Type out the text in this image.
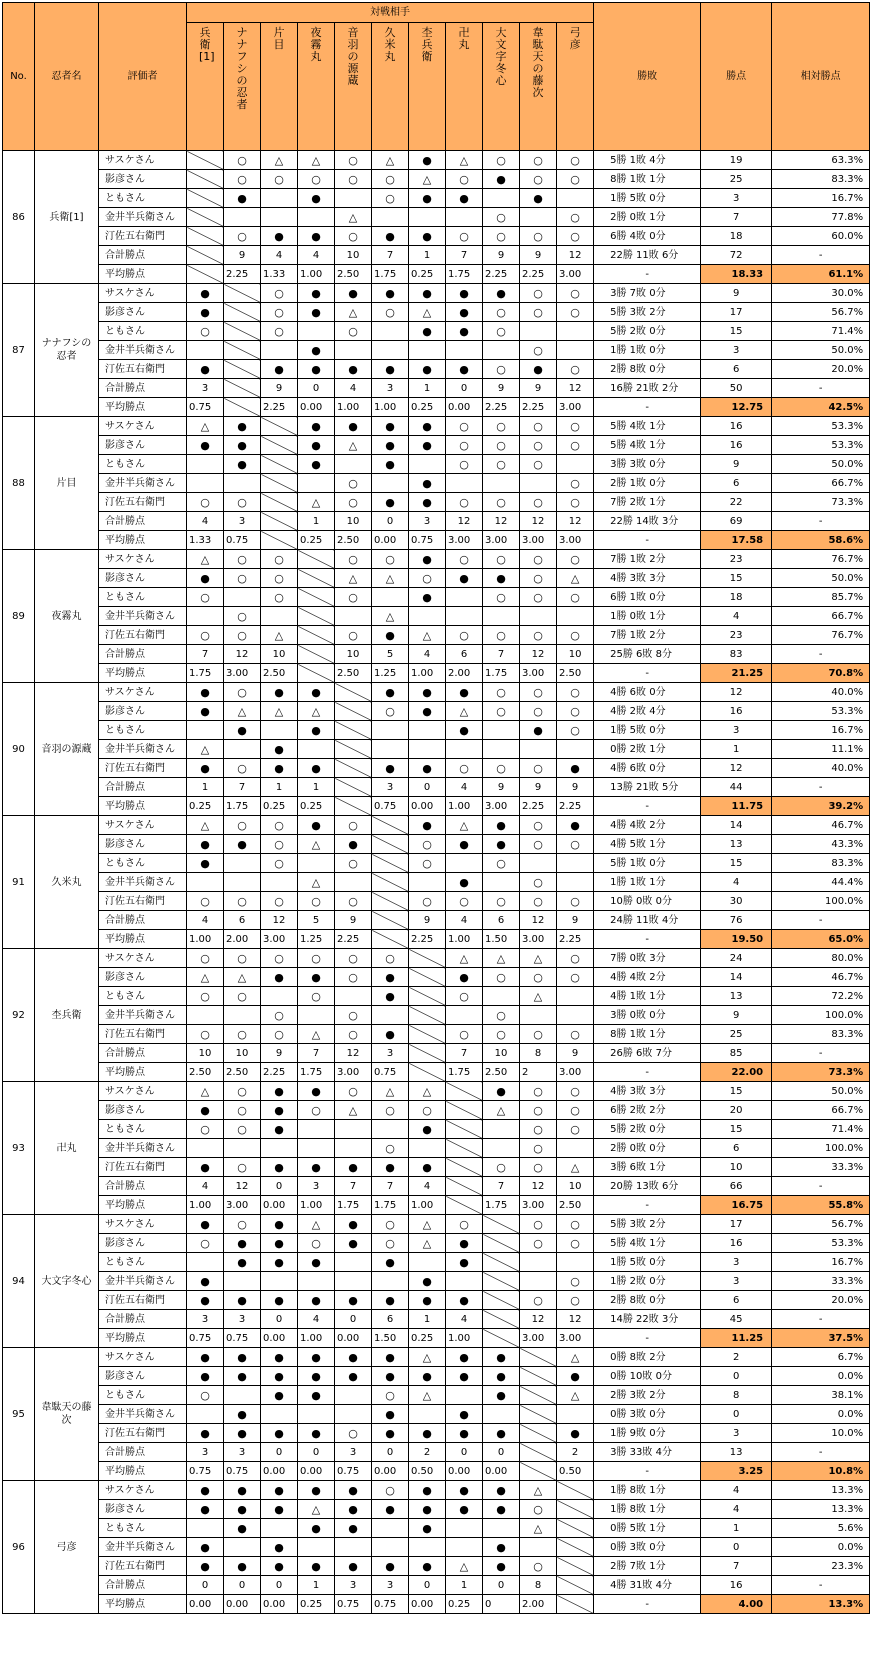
No.	忍者名	評価者	対戦相手											勝敗	勝点	相対勝点

			兵衛[1]	ナナフシの忍者	片目	夜霧丸	音羽の源蔵	久米丸	杢兵衛	卍丸	大文字冬心	韋駄天の藤次	弓彦			

86	兵衛[1]	サスケさん		○	△	△	○	△	●	△	○	○	○	5勝 1敗 4分	19	63.3%
		影彦さん		○	○	○	○	○	△	○	●	○	○	8勝 1敗 1分	25	83.3%
		ともさん		●		●		○	●	●		●		1勝 5敗 0分	3	16.7%
		金井半兵衛さん					△				○		○	2勝 0敗 1分	7	77.8%
		汀佐五右衛門		○	●	●	○	●	●	○	○	○	○	6勝 4敗 0分	18	60.0%
		合計勝点		9	4	4	10	7	1	7	9	9	12	22勝 11敗 6分	72	-
		平均勝点		2.25	1.33	1.00	2.50	1.75	0.25	1.75	2.25	2.25	3.00	-	18.33	61.1%
87	ナナフシの忍者	サスケさん	●		○	●	●	●	●	●	●	○	○	3勝 7敗 0分	9	30.0%
		影彦さん	●		○	●	△	○	△	●	○	○	○	5勝 3敗 2分	17	56.7%
		ともさん	○		○		○		●	●	○			5勝 2敗 0分	15	71.4%
		金井半兵衛さん				●						○		1勝 1敗 0分	3	50.0%
		汀佐五右衛門	●		●	●	●	●	●	●	○	●	○	2勝 8敗 0分	6	20.0%
		合計勝点	3		9	0	4	3	1	0	9	9	12	16勝 21敗 2分	50	-
		平均勝点	0.75		2.25	0.00	1.00	1.00	0.25	0.00	2.25	2.25	3.00	-	12.75	42.5%
88	片目	サスケさん	△	●		●	●	●	●	○	○	○	○	5勝 4敗 1分	16	53.3%
		影彦さん	●	●		●	△	●	●	○	○	○	○	5勝 4敗 1分	16	53.3%
		ともさん		●		●		●		○	○	○		3勝 3敗 0分	9	50.0%
		金井半兵衛さん					○		●				○	2勝 1敗 0分	6	66.7%
		汀佐五右衛門	○	○		△	○	●	●	○	○	○	○	7勝 2敗 1分	22	73.3%
		合計勝点	4	3		1	10	0	3	12	12	12	12	22勝 14敗 3分	69	-
		平均勝点	1.33	0.75		0.25	2.50	0.00	0.75	3.00	3.00	3.00	3.00	-	17.58	58.6%
89	夜霧丸	サスケさん	△	○	○		○	○	●	○	○	○	○	7勝 1敗 2分	23	76.7%
		影彦さん	●	○	○		△	△	○	●	●	○	△	4勝 3敗 3分	15	50.0%
		ともさん	○		○		○		●		○	○	○	6勝 1敗 0分	18	85.7%
		金井半兵衛さん		○				△						1勝 0敗 1分	4	66.7%
		汀佐五右衛門	○	○	△		○	●	△	○	○	○	○	7勝 1敗 2分	23	76.7%
		合計勝点	7	12	10		10	5	4	6	7	12	10	25勝 6敗 8分	83	-
		平均勝点	1.75	3.00	2.50		2.50	1.25	1.00	2.00	1.75	3.00	2.50	-	21.25	70.8%
90	音羽の源蔵	サスケさん	●	○	●	●		●	●	●	○	○	○	4勝 6敗 0分	12	40.0%
		影彦さん	●	△	△	△		○	●	△	○	○	○	4勝 2敗 4分	16	53.3%
		ともさん		●		●				●		●	○	1勝 5敗 0分	3	16.7%
		金井半兵衛さん	△		●									0勝 2敗 1分	1	11.1%
		汀佐五右衛門	●	○	●	●		●	●	○	○	○	●	4勝 6敗 0分	12	40.0%
		合計勝点	1	7	1	1		3	0	4	9	9	9	13勝 21敗 5分	44	-
		平均勝点	0.25	1.75	0.25	0.25		0.75	0.00	1.00	3.00	2.25	2.25	-	11.75	39.2%
91	久米丸	サスケさん	△	○	○	●	○		●	△	●	○	●	4勝 4敗 2分	14	46.7%
		影彦さん	●	●	○	△	●		○	●	●	○	○	4勝 5敗 1分	13	43.3%
		ともさん	●		○		○		○		○			5勝 1敗 0分	15	83.3%
		金井半兵衛さん				△				●		○		1勝 1敗 1分	4	44.4%
		汀佐五右衛門	○	○	○	○	○		○	○	○	○	○	10勝 0敗 0分	30	100.0%
		合計勝点	4	6	12	5	9		9	4	6	12	9	24勝 11敗 4分	76	-
		平均勝点	1.00	2.00	3.00	1.25	2.25		2.25	1.00	1.50	3.00	2.25	-	19.50	65.0%
92	杢兵衛	サスケさん	○	○	○	○	○	○		△	△	△	○	7勝 0敗 3分	24	80.0%
		影彦さん	△	△	●	●	○	●		●	○	○	○	4勝 4敗 2分	14	46.7%
		ともさん	○	○		○		●		○		△		4勝 1敗 1分	13	72.2%
		金井半兵衛さん			○		○				○			3勝 0敗 0分	9	100.0%
		汀佐五右衛門	○	○	○	△	○	●		○	○	○	○	8勝 1敗 1分	25	83.3%
		合計勝点	10	10	9	7	12	3		7	10	8	9	26勝 6敗 7分	85	-
		平均勝点	2.50	2.50	2.25	1.75	3.00	0.75		1.75	2.50	2	3.00	-	22.00	73.3%
93	卍丸	サスケさん	△	○	●	●	○	△	△		●	○	○	4勝 3敗 3分	15	50.0%
		影彦さん	●	○	●	○	△	○	○		△	○	○	6勝 2敗 2分	20	66.7%
		ともさん	○	○	●				●			○	○	5勝 2敗 0分	15	71.4%
		金井半兵衛さん						○				○		2勝 0敗 0分	6	100.0%
		汀佐五右衛門	●	○	●	●	●	●	●		○	○	△	3勝 6敗 1分	10	33.3%
		合計勝点	4	12	0	3	7	7	4		7	12	10	20勝 13敗 6分	66	-
		平均勝点	1.00	3.00	0.00	1.00	1.75	1.75	1.00		1.75	3.00	2.50	-	16.75	55.8%
94	大文字冬心	サスケさん	●	○	●	△	●	○	△	○		○	○	5勝 3敗 2分	17	56.7%
		影彦さん	○	●	●	○	●	○	△	●		○	○	5勝 4敗 1分	16	53.3%
		ともさん		●	●	●		●		●				1勝 5敗 0分	3	16.7%
		金井半兵衛さん	●						●				○	1勝 2敗 0分	3	33.3%
		汀佐五右衛門	●	●	●	●	●	●	●	●		○	○	2勝 8敗 0分	6	20.0%
		合計勝点	3	3	0	4	0	6	1	4		12	12	14勝 22敗 3分	45	-
		平均勝点	0.75	0.75	0.00	1.00	0.00	1.50	0.25	1.00		3.00	3.00	-	11.25	37.5%
95	韋駄天の藤次	サスケさん	●	●	●	●	●	●	△	●	●		△	0勝 8敗 2分	2	6.7%
		影彦さん	●	●	●	●	●	●	●	●	●		●	0勝 10敗 0分	0	0.0%
		ともさん	○		●	●		○	△		●		△	2勝 3敗 2分	8	38.1%
		金井半兵衛さん		●				●		●				0勝 3敗 0分	0	0.0%
		汀佐五右衛門	●	●	●	●	○	●	●	●	●		●	1勝 9敗 0分	3	10.0%
		合計勝点	3	3	0	0	3	0	2	0	0		2	3勝 33敗 4分	13	-
		平均勝点	0.75	0.75	0.00	0.00	0.75	0.00	0.50	0.00	0.00		0.50	-	3.25	10.8%
96	弓彦	サスケさん	●	●	●	●	●	○	●	●	●	△		1勝 8敗 1分	4	13.3%
		影彦さん	●	●	●	△	●	●	●	●	●	○		1勝 8敗 1分	4	13.3%
		ともさん		●		●	●		●			△		0勝 5敗 1分	1	5.6%
		金井半兵衛さん	●		●						●			0勝 3敗 0分	0	0.0%
		汀佐五右衛門	●	●	●	●	●	●	●	△	●	○		2勝 7敗 1分	7	23.3%
		合計勝点	0	0	0	1	3	3	0	1	0	8		4勝 31敗 4分	16	-
		平均勝点	0.00	0.00	0.00	0.25	0.75	0.75	0.00	0.25	0	2.00		-	4.00	13.3%
